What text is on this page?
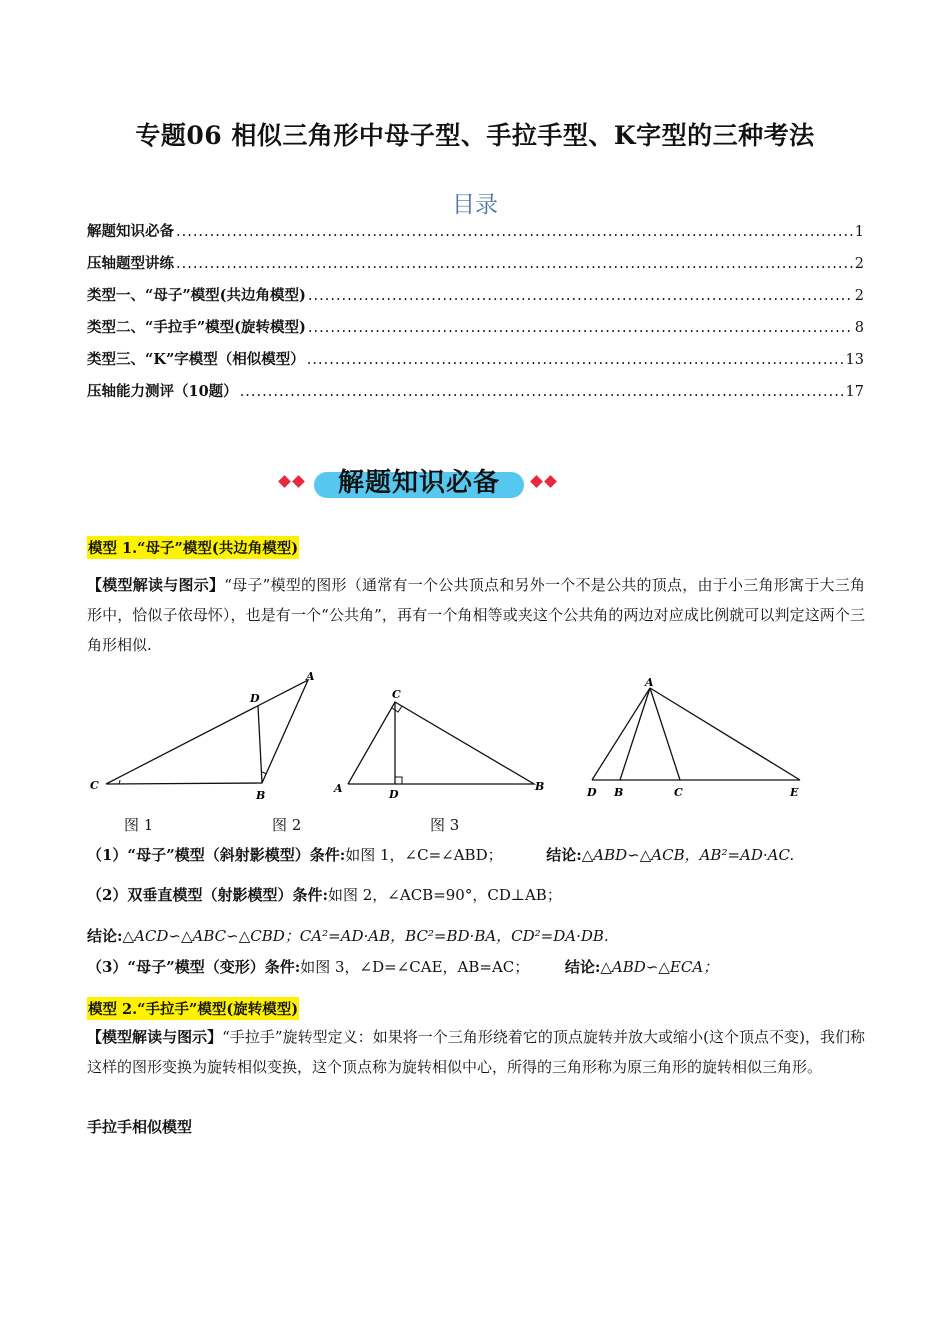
专题06 相似三角形中母子型、手拉手型、K字型的三种考法
目录
解题知识必备 .....	1
压轴题型讲练 .....	2
类型一、“母子”模型(共边角模型) .....	2
类型二、“手拉手”模型(旋转模型) .....	8
类型三、“K”字模型（相似模型） .....	13
压轴能力测评（10题） .....	17
解题知识必备
模型 1.“母子”模型(共边角模型)
【模型解读与图示】“母子”模型的图形（通常有一个公共顶点和另外一个不是公共的顶点，由于小三角形寓于大三角形中，恰似子依母怀），也是有一个“公共角”，再有一个角相等或夹这个公共角的两边对应成比例就可以判定这两个三角形相似.
A
D
C
B
C
A	D
B
A
D B	C	E
图 1	图 2	图 3
（1）“母子”模型（斜射影模型）条件:如图 1，∠C=∠ABD；	结论:△ABD∽△ACB，AB²=AD·AC.
（2）双垂直模型（射影模型）条件:如图 2，∠ACB=90°，CD⊥AB；
结论:△ACD∽△ABC∽△CBD；CA²=AD·AB，BC²=BD·BA，CD²=DA·DB.
（3）“母子”模型（变形）条件:如图 3，∠D=∠CAE，AB=AC； 结论:△ABD∽△ECA；
模型 2.“手拉手”模型(旋转模型)
【模型解读与图示】“手拉手”旋转型定义：如果将一个三角形绕着它的顶点旋转并放大或缩小(这个顶点不变)，我们称这样的图形变换为旋转相似变换，这个顶点称为旋转相似中心，所得的三角形称为原三角形的旋转相似三角形。
手拉手相似模型
